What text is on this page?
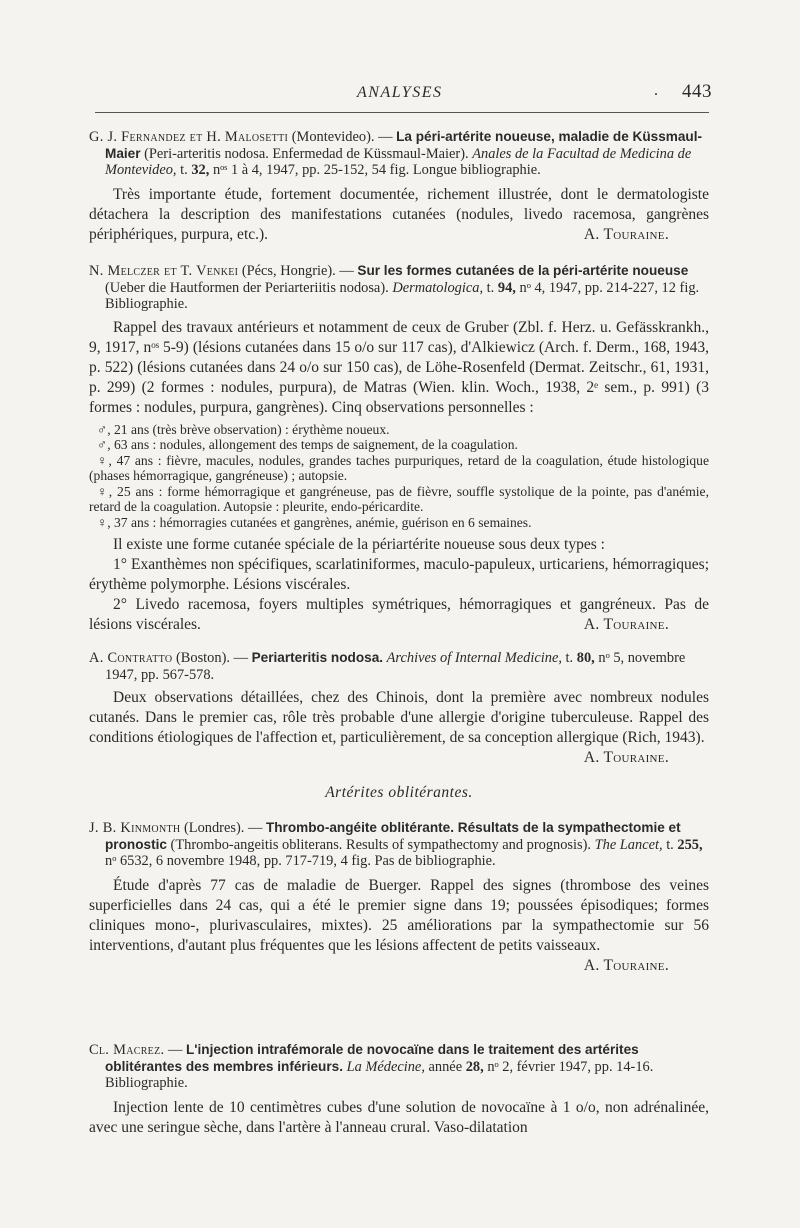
ANALYSES	. 443

G. J. Fernandez et H. Malosetti (Montevideo). — La péri-artérite noueuse, maladie de Küssmaul-Maier (Peri-arteritis nodosa. Enfermedad de Küssmaul-Maier). Anales de la Facultad de Medicina de Montevideo, t. 32, nᵒˢ 1 à 4, 1947, pp. 25-152, 54 fig. Longue bibliographie.

Très importante étude, fortement documentée, richement illustrée, dont le dermatologiste détachera la description des manifestations cutanées (nodules, livedo racemosa, gangrènes périphériques, purpura, etc.).	A. Touraine.

N. Melczer et T. Venkei (Pécs, Hongrie). — Sur les formes cutanées de la péri-artérite noueuse (Ueber die Hautformen der Periarteriitis nodosa). Dermatologica, t. 94, nᵒ 4, 1947, pp. 214-227, 12 fig. Bibliographie.

Rappel des travaux antérieurs et notamment de ceux de Gruber (Zbl. f. Herz. u. Gefässkrankh., 9, 1917, nᵒˢ 5-9) (lésions cutanées dans 15 o/o sur 117 cas), d'Alkiewicz (Arch. f. Derm., 168, 1943, p. 522) (lésions cutanées dans 24 o/o sur 150 cas), de Löhe-Rosenfeld (Dermat. Zeitschr., 61, 1931, p. 299) (2 formes : nodules, purpura), de Matras (Wien. klin. Woch., 1938, 2ᵉ sem., p. 991) (3 formes : nodules, purpura, gangrènes). Cinq observations personnelles :

♂, 21 ans (très brève observation) : érythème noueux.
♂, 63 ans : nodules, allongement des temps de saignement, de la coagulation.
♀, 47 ans : fièvre, macules, nodules, grandes taches purpuriques, retard de la coagulation, étude histologique (phases hémorragique, gangréneuse) ; autopsie.
♀, 25 ans : forme hémorragique et gangréneuse, pas de fièvre, souffle systolique de la pointe, pas d'anémie, retard de la coagulation. Autopsie : pleurite, endo-péricardite.
♀, 37 ans : hémorragies cutanées et gangrènes, anémie, guérison en 6 semaines.

Il existe une forme cutanée spéciale de la périartérite noueuse sous deux types :

1° Exanthèmes non spécifiques, scarlatiniformes, maculo-papuleux, urticariens, hémorragiques; érythème polymorphe. Lésions viscérales.

2° Livedo racemosa, foyers multiples symétriques, hémorragiques et gangréneux. Pas de lésions viscérales.	A. Touraine.

A. Contratto (Boston). — Periarteritis nodosa. Archives of Internal Medicine, t. 80, nᵒ 5, novembre 1947, pp. 567-578.

Deux observations détaillées, chez des Chinois, dont la première avec nombreux nodules cutanés. Dans le premier cas, rôle très probable d'une allergie d'origine tuberculeuse. Rappel des conditions étiologiques de l'affection et, particulièrement, de sa conception allergique (Rich, 1943).
A. Touraine.

Artérites oblitérantes.

J. B. Kinmonth (Londres). — Thrombo-angéite oblitérante. Résultats de la sympathectomie et pronostic (Thrombo-angeitis obliterans. Results of sympathectomy and prognosis). The Lancet, t. 255, nᵒ 6532, 6 novembre 1948, pp. 717-719, 4 fig. Pas de bibliographie.

Étude d'après 77 cas de maladie de Buerger. Rappel des signes (thrombose des veines superficielles dans 24 cas, qui a été le premier signe dans 19; poussées épisodiques; formes cliniques mono-, plurivasculaires, mixtes). 25 améliorations par la sympathectomie sur 56 interventions, d'autant plus fréquentes que les lésions affectent de petits vaisseaux.
A. Touraine.

Cl. Macrez. — L'injection intrafémorale de novocaïne dans le traitement des artérites oblitérantes des membres inférieurs. La Médecine, année 28, nᵒ 2, février 1947, pp. 14-16. Bibliographie.

Injection lente de 10 centimètres cubes d'une solution de novocaïne à 1 o/o, non adrénalinée, avec une seringue sèche, dans l'artère à l'anneau crural. Vaso-dilatation
